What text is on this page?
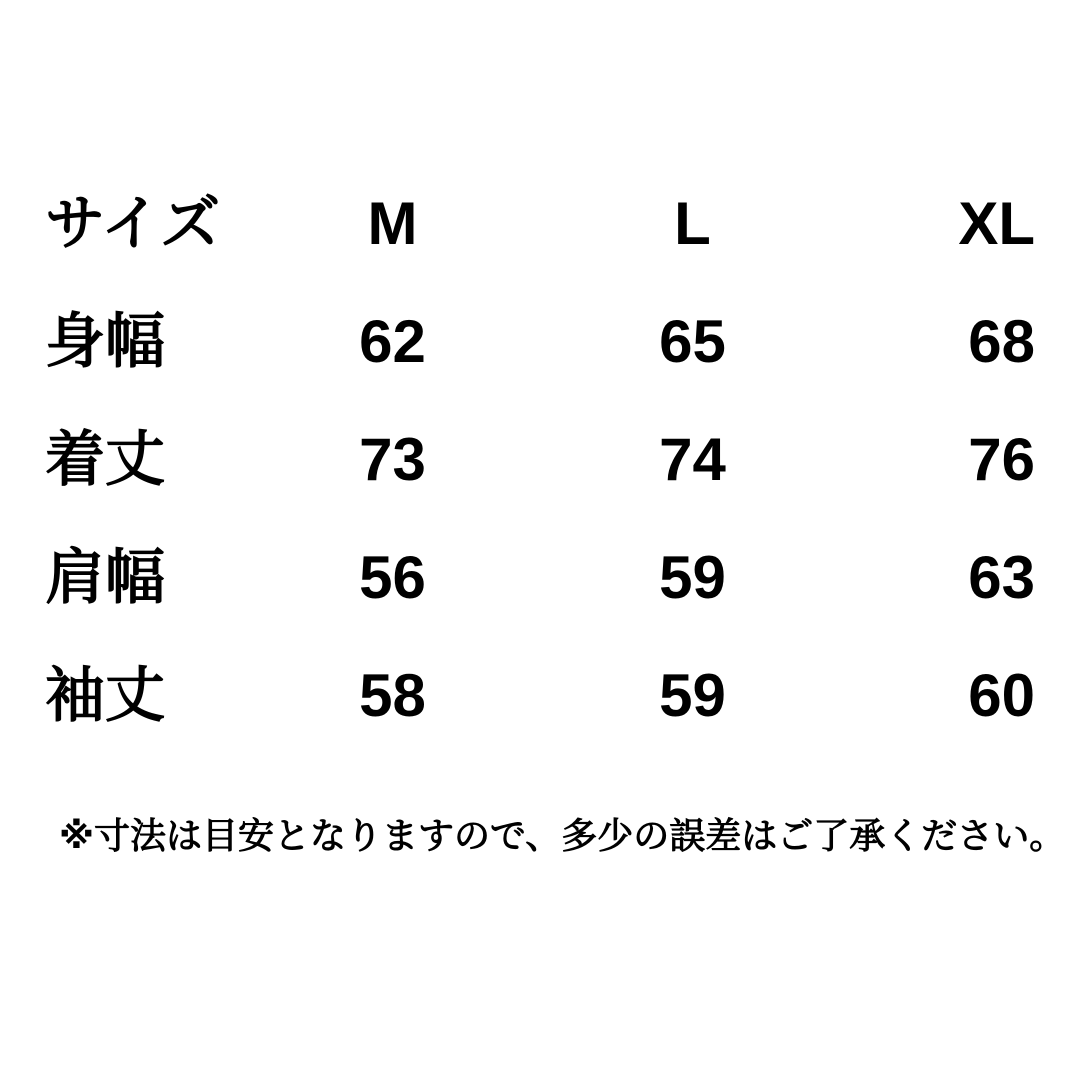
サイズ	M	L	XL
身幅	62	65	68
着丈	73	74	76
肩幅	56	59	63
袖丈	58	59	60
※寸法は目安となりますので、多少の誤差はご了承ください。
